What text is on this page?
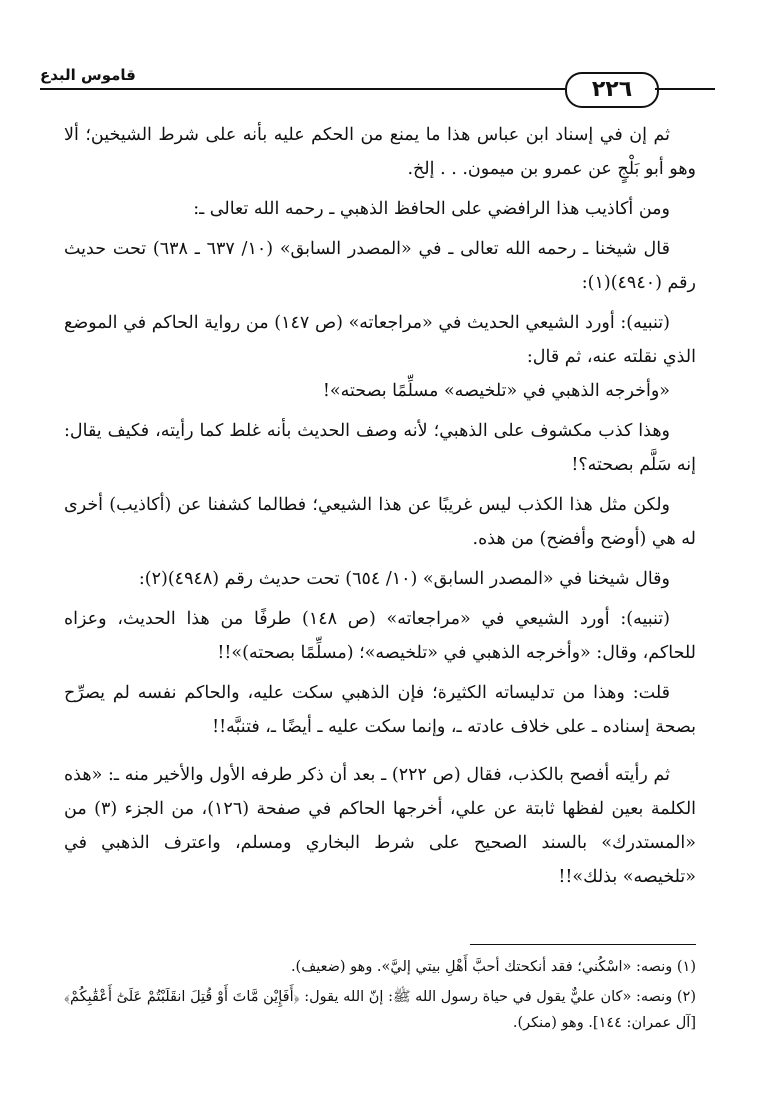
قاموس البدع
٢٢٦

ثم إن في إسناد ابن عباس هذا ما يمنع من الحكم عليه بأنه على شرط الشيخين؛ ألا وهو أبو بَلْجٍ عن عمرو بن ميمون. . . إلخ.

ومن أكاذيب هذا الرافضي على الحافظ الذهبي ـ رحمه الله تعالى ـ:

قال شيخنا ـ رحمه الله تعالى ـ في «المصدر السابق» (١٠/ ٦٣٧ ـ ٦٣٨) تحت حديث رقم (٤٩٤٠)(١):

(تنبيه): أورد الشيعي الحديث في «مراجعاته» (ص ١٤٧) من رواية الحاكم في الموضع الذي نقلته عنه، ثم قال:

«وأخرجه الذهبي في «تلخيصه» مسلِّمًا بصحته»!

وهذا كذب مكشوف على الذهبي؛ لأنه وصف الحديث بأنه غلط كما رأيته، فكيف يقال: إنه سَلَّم بصحته؟!

ولكن مثل هذا الكذب ليس غريبًا عن هذا الشيعي؛ فطالما كشفنا عن (أكاذيب) أخرى له هي (أوضح وأفضح) من هذه.

وقال شيخنا في «المصدر السابق» (١٠/ ٦٥٤) تحت حديث رقم (٤٩٤٨)(٢):

(تنبيه): أورد الشيعي في «مراجعاته» (ص ١٤٨) طرفًا من هذا الحديث، وعزاه للحاكم، وقال: «وأخرجه الذهبي في «تلخيصه»؛ (مسلِّمًا بصحته)»!!

قلت: وهذا من تدليساته الكثيرة؛ فإن الذهبي سكت عليه، والحاكم نفسه لم يصرِّح بصحة إسناده ـ على خلاف عادته ـ، وإنما سكت عليه ـ أيضًا ـ، فتنبَّه!!

ثم رأيته أفصح بالكذب، فقال (ص ٢٢٢) ـ بعد أن ذكر طرفه الأول والأخير منه ـ: «هذه الكلمة بعين لفظها ثابتة عن علي، أخرجها الحاكم في صفحة (١٢٦)، من الجزء (٣) من «المستدرك» بالسند الصحيح على شرط البخاري ومسلم، واعترف الذهبي في «تلخيصه» بذلك»!!

(١) ونصه: «اسْكُني؛ فقد أنكحتك أحبَّ أَهْلِ بيتي إليَّ». وهو (ضعيف).

(٢) ونصه: «كان عليٌّ يقول في حياة رسول الله ﷺ: إنّ الله يقول: ﴿أَفَإِيْن مَّاتَ أَوْ قُتِلَ انقَلَبْتُمْ عَلَىٰٓ أَعْقَٰبِكُمْ﴾ [آل عمران: ١٤٤]. وهو (منكر).
